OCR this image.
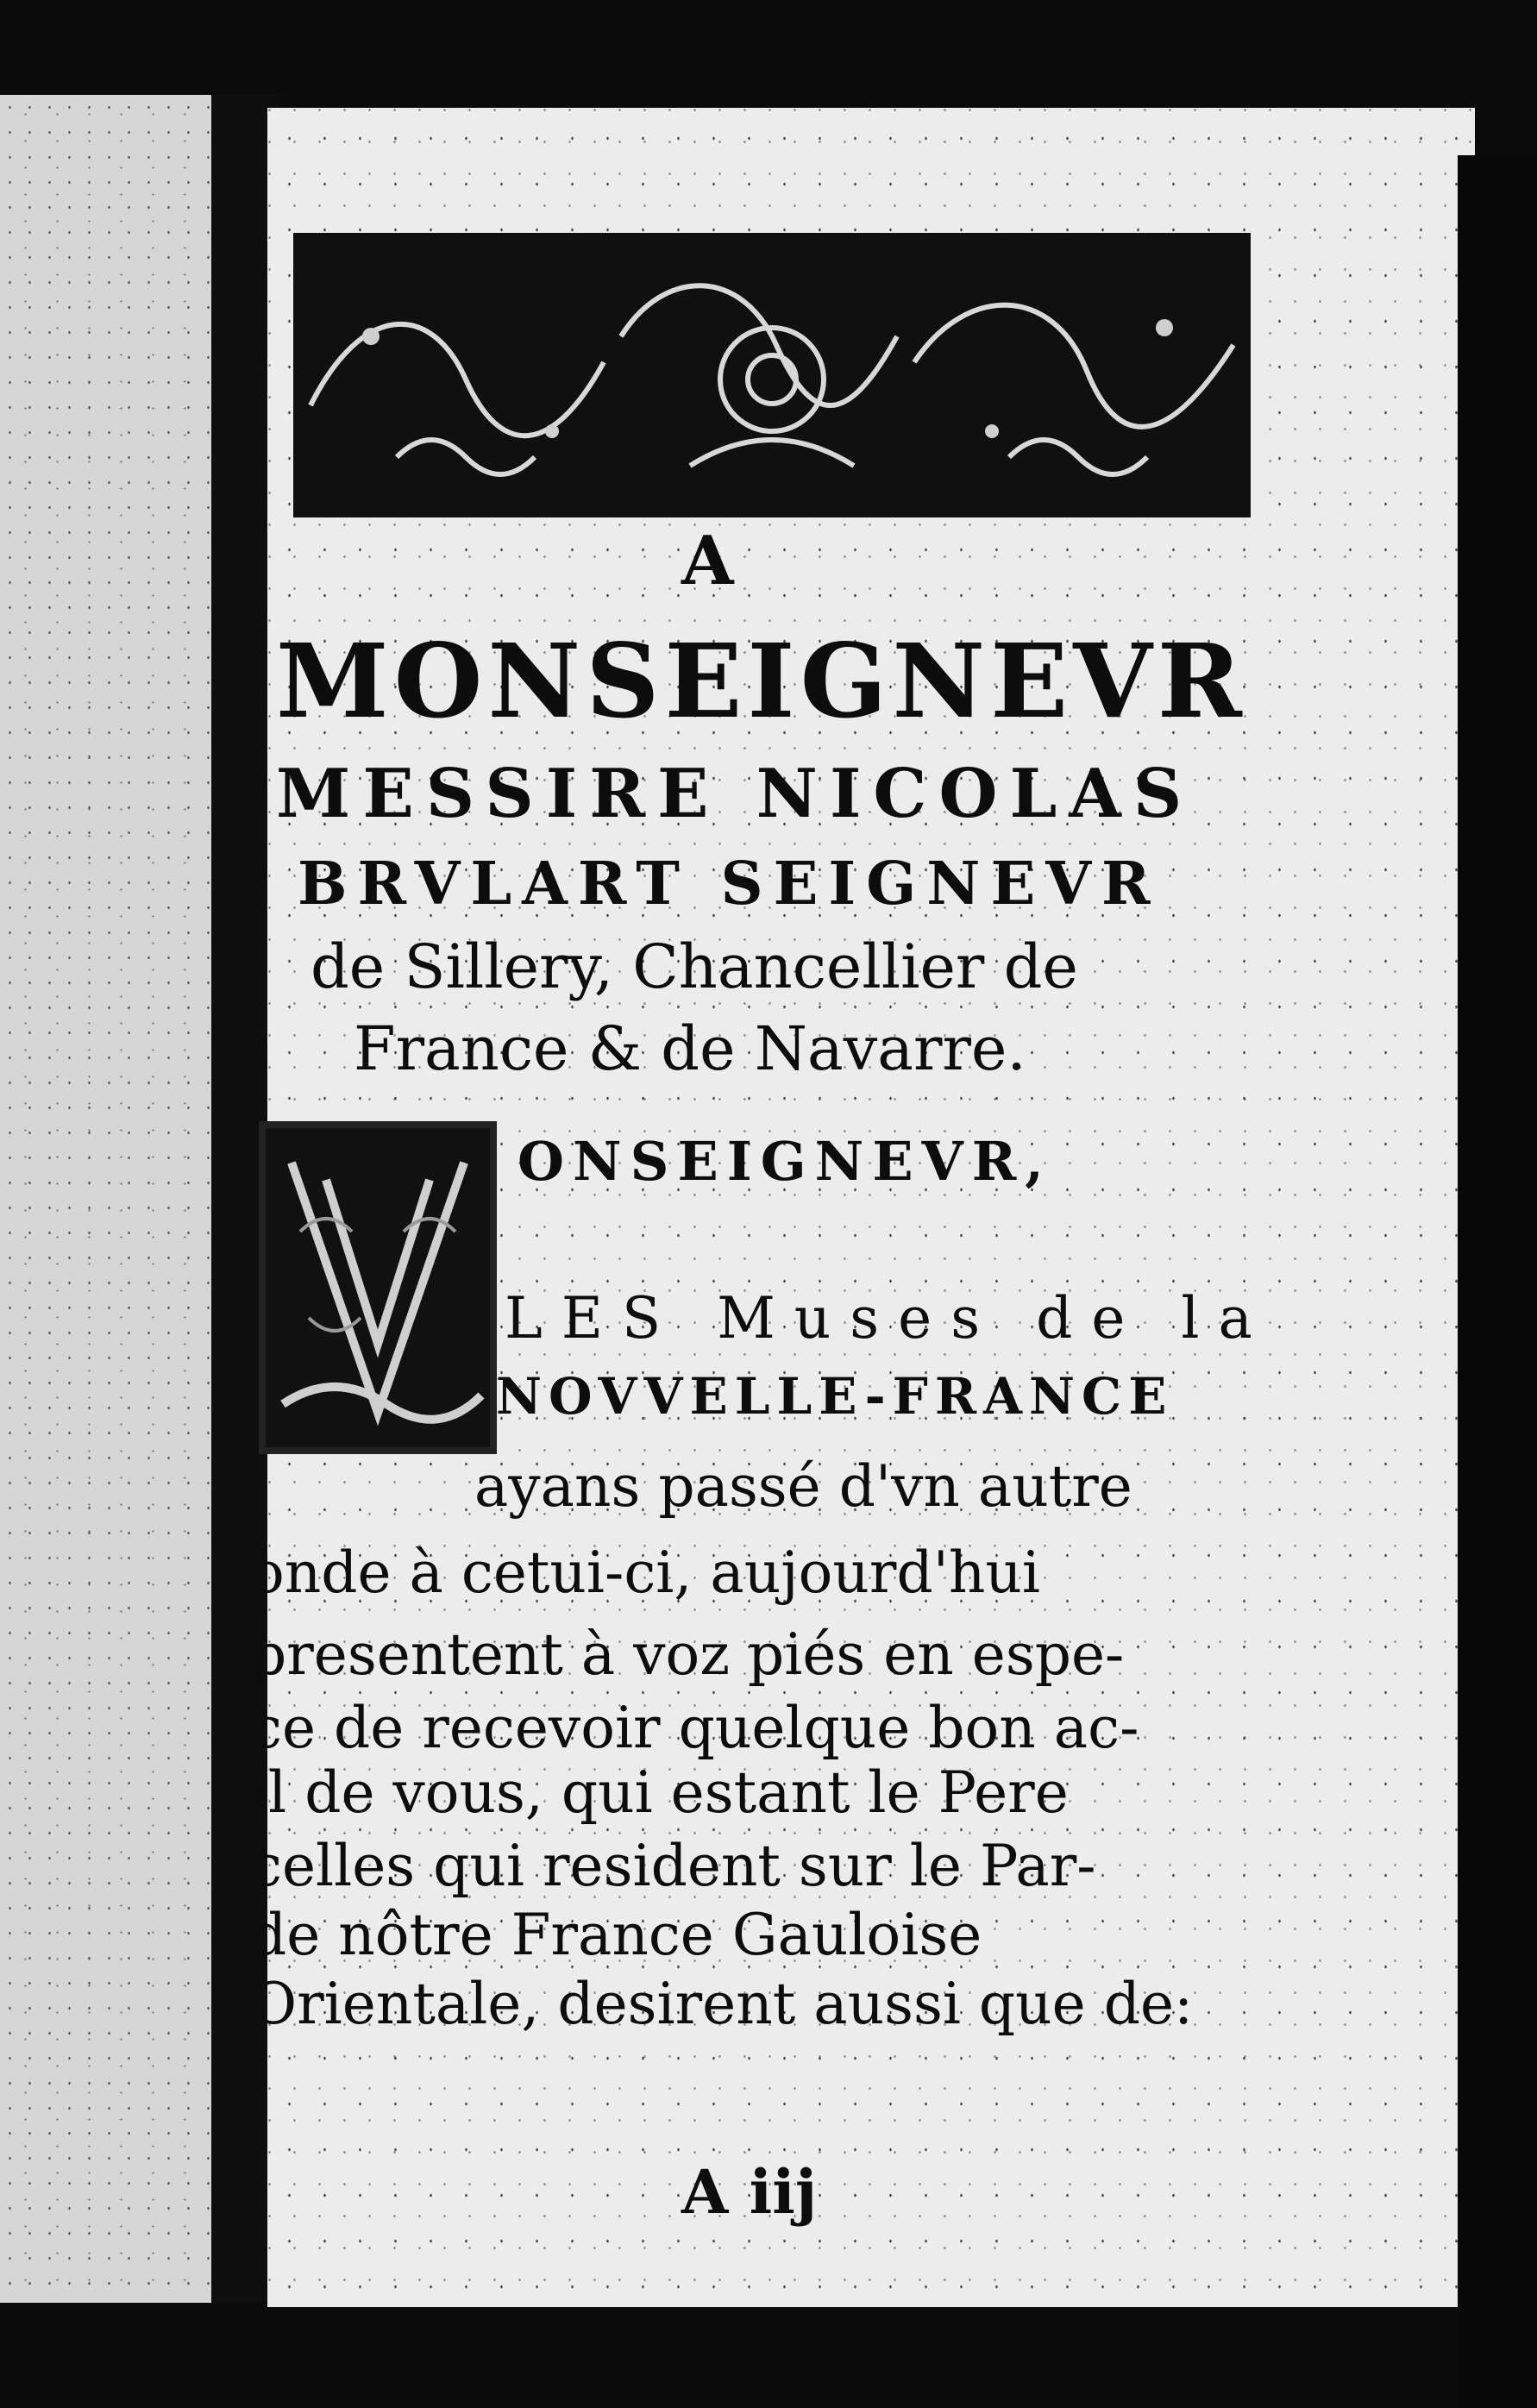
A
MONSEIGNEVR
MESSIRE NICOLAS
BRVLART SEIGNEVR
de Sillery, Chancellier de
France & de Navarre.
ONSEIGNEVR,
LES Muses de la
NOVVELLE-FRANCE
ayans passé d'vn autre
onde à cetui-ci, aujourd'hui
presentent à voz piés en espe-
ce de recevoir quelque bon ac-
il de vous, qui estant le Pere
celles qui resident sur le Par-
de nôtre France Gauloise
Orientale, desirent aussi que de:
A iij
